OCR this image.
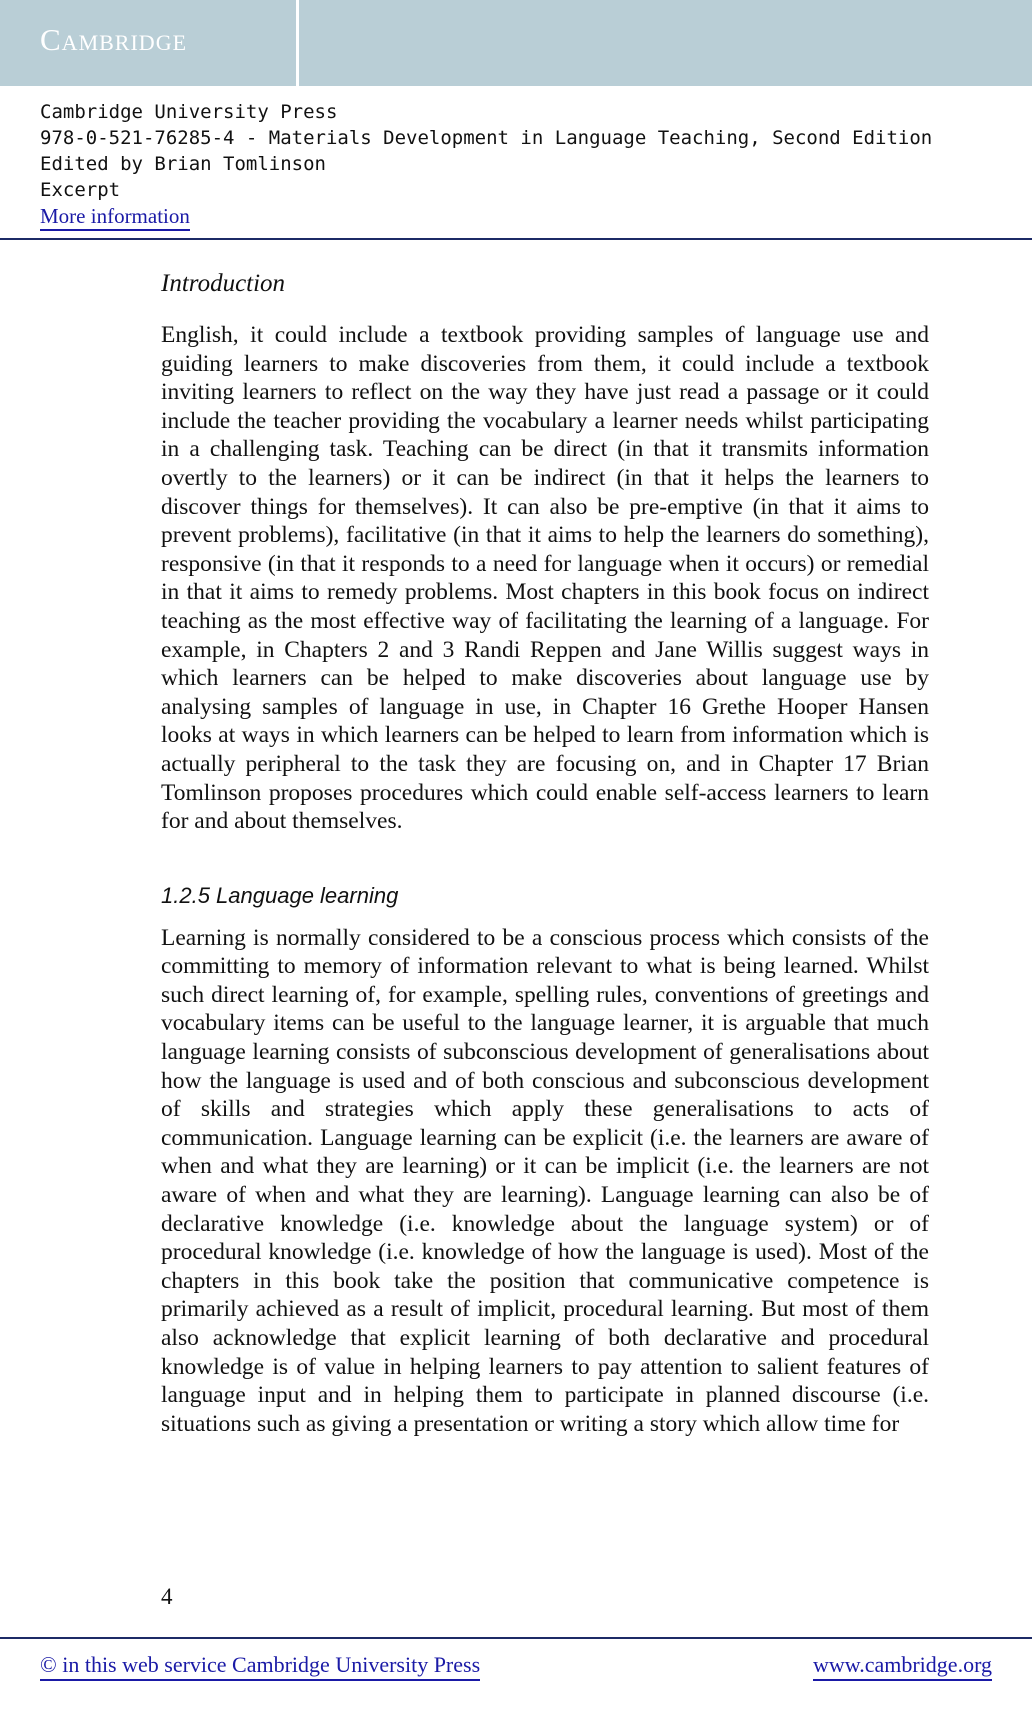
Cambridge
Cambridge University Press
978-0-521-76285-4 - Materials Development in Language Teaching, Second Edition
Edited by Brian Tomlinson
Excerpt
More information
Introduction

English, it could include a textbook providing samples of language use and guiding learners to make discoveries from them, it could include a textbook inviting learners to reflect on the way they have just read a passage or it could include the teacher providing the vocabulary a learner needs whilst participating in a challenging task. Teaching can be direct (in that it transmits information overtly to the learners) or it can be indirect (in that it helps the learners to discover things for themselves). It can also be pre-emptive (in that it aims to prevent problems), facilitative (in that it aims to help the learners do something), responsive (in that it responds to a need for language when it occurs) or remedial in that it aims to remedy problems. Most chapters in this book focus on indirect teaching as the most effective way of facilitating the learning of a language. For example, in Chapters 2 and 3 Randi Reppen and Jane Willis suggest ways in which learners can be helped to make discoveries about language use by analysing samples of language in use, in Chapter 16 Grethe Hooper Hansen looks at ways in which learners can be helped to learn from information which is actually peripheral to the task they are focusing on, and in Chapter 17 Brian Tomlinson proposes procedures which could enable self-access learners to learn for and about themselves.

1.2.5 Language learning

Learning is normally considered to be a conscious process which consists of the committing to memory of information relevant to what is being learned. Whilst such direct learning of, for example, spelling rules, conventions of greetings and vocabulary items can be useful to the language learner, it is arguable that much language learning consists of subconscious development of generalisations about how the language is used and of both conscious and subconscious development of skills and strategies which apply these generalisations to acts of communication. Language learning can be explicit (i.e. the learners are aware of when and what they are learning) or it can be implicit (i.e. the learners are not aware of when and what they are learning). Language learning can also be of declarative knowledge (i.e. knowledge about the language system) or of procedural knowledge (i.e. knowledge of how the language is used). Most of the chapters in this book take the position that communicative competence is primarily achieved as a result of implicit, procedural learning. But most of them also acknowledge that explicit learning of both declarative and procedural knowledge is of value in helping learners to pay attention to salient features of language input and in helping them to participate in planned discourse (i.e. situations such as giving a presentation or writing a story which allow time for

4
© in this web service Cambridge University Press	www.cambridge.org
